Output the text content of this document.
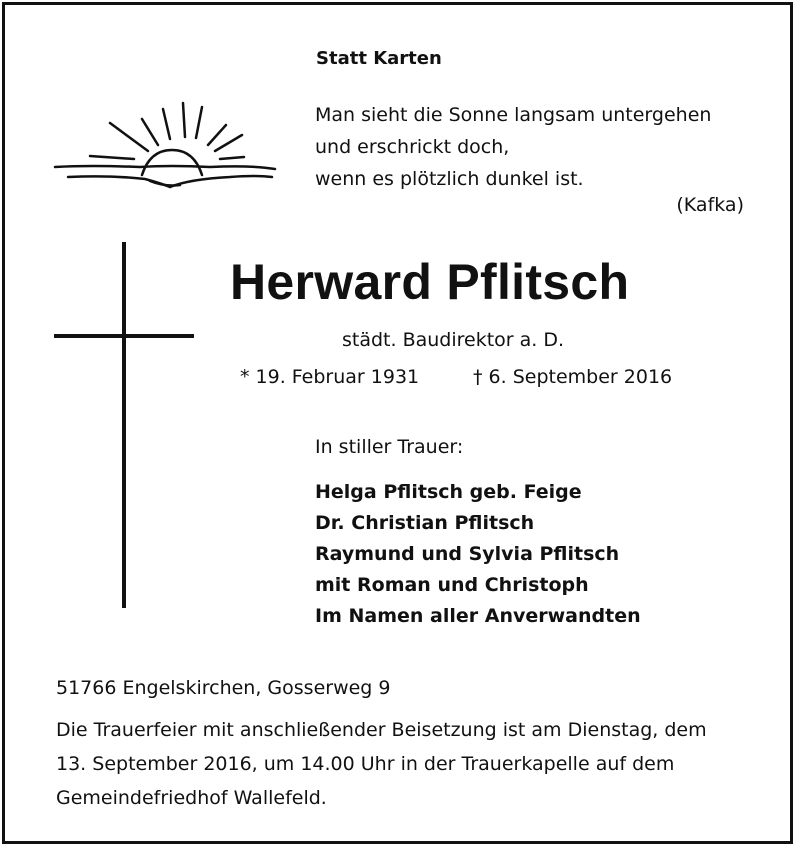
Statt Karten
Man sieht die Sonne langsam untergehen
und erschrickt doch,
wenn es plötzlich dunkel ist.
(Kafka)
Herward Pflitsch
städt. Baudirektor a. D.
* 19. Februar 1931	† 6. September 2016
In stiller Trauer:
Helga Pflitsch geb. Feige
Dr. Christian Pflitsch
Raymund und Sylvia Pflitsch
mit Roman und Christoph
Im Namen aller Anverwandten
51766 Engelskirchen, Gosserweg 9
Die Trauerfeier mit anschließender Beisetzung ist am Dienstag, dem
13. September 2016, um 14.00 Uhr in der Trauerkapelle auf dem
Gemeindefriedhof Wallefeld.
